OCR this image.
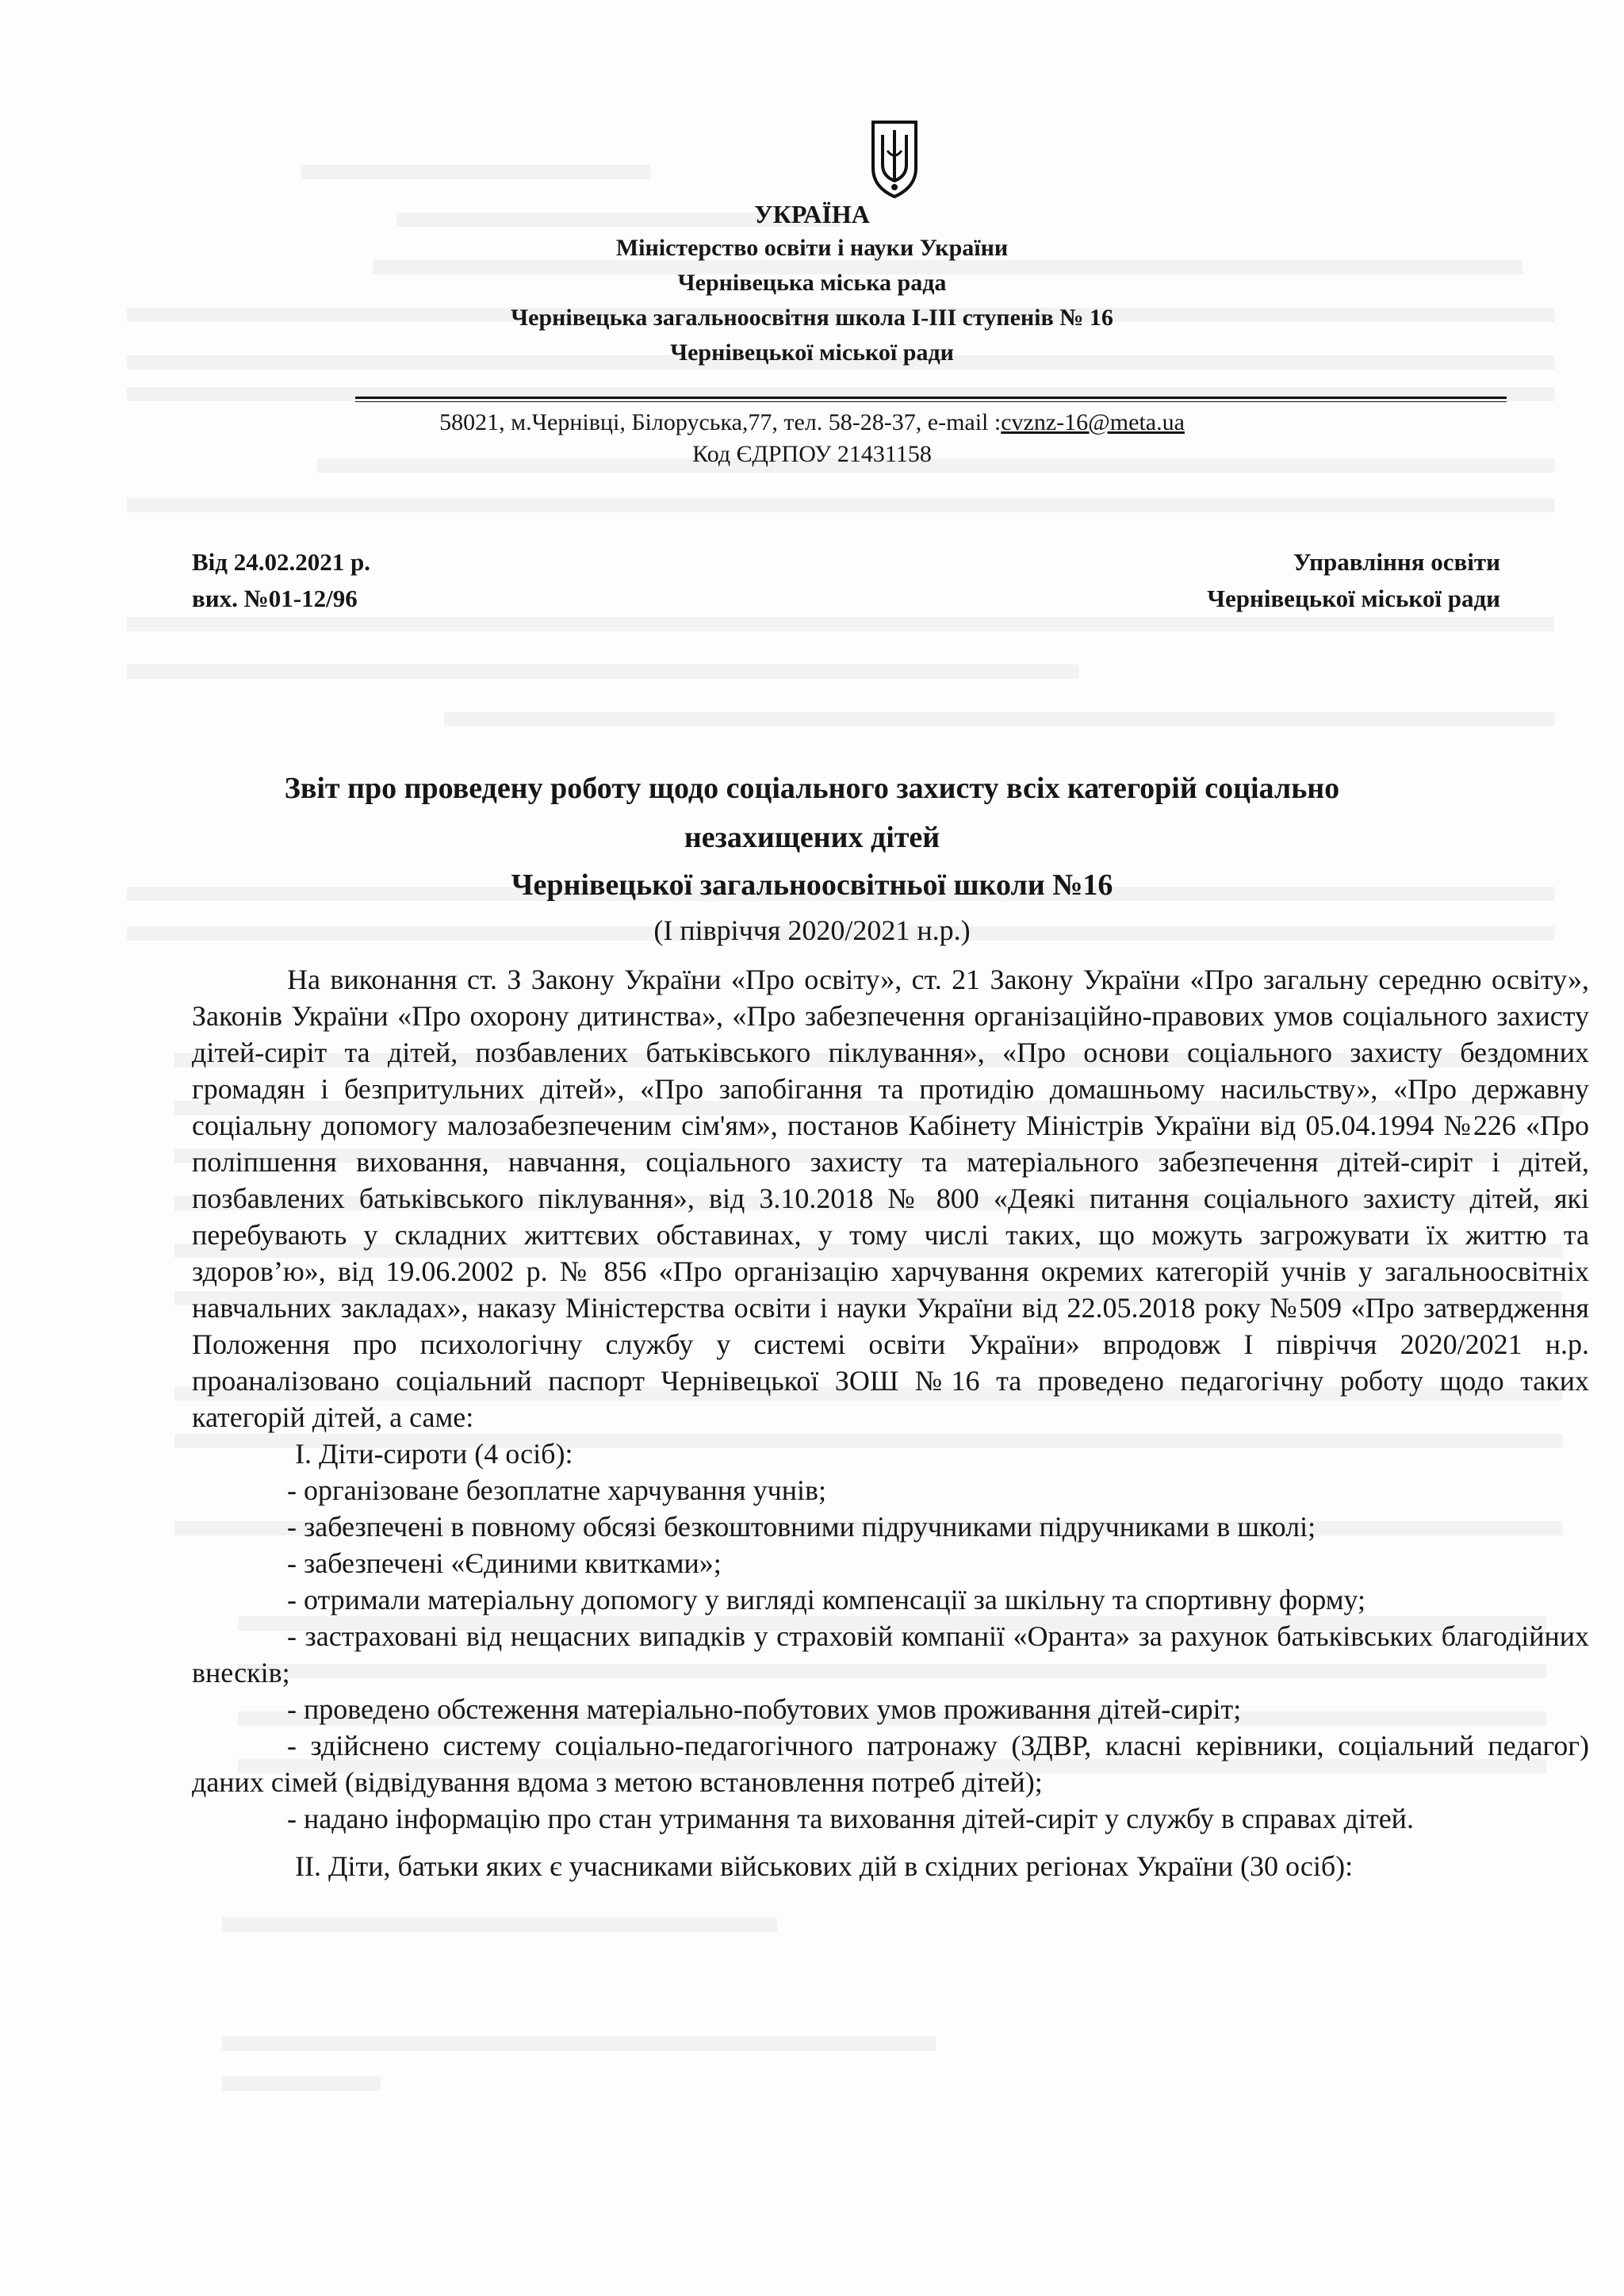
УКРАЇНА
Міністерство освіти і науки України
Чернівецька міська рада
Чернівецька загальноосвітня школа І-ІІІ ступенів № 16
Чернівецької міської ради
58021, м.Чернівці, Білоруська,77, тел. 58-28-37, e-mail :cvznz-16@meta.ua
Код ЄДРПОУ 21431158
Від 24.02.2021 р.
вих. №01-12/96
Управління освіти
Чернівецької міської ради
Звіт про проведену роботу щодо соціального захисту всіх категорій соціально
незахищених дітей
Чернівецької загальноосвітньої школи №16
(І півріччя 2020/2021 н.р.)

На виконання ст. З Закону України «Про освіту», ст. 21 Закону України «Про загальну середню освіту», Законів України «Про охорону дитинства», «Про забезпечення організаційно-правових умов соціального захисту дітей-сиріт та дітей, позбавлених батьківського піклування», «Про основи соціального захисту бездомних громадян і безпритульних дітей», «Про запобігання та протидію домашньому насильству», «Про державну соціальну допомогу малозабезпеченим сім'ям», постанов Кабінету Міністрів України від 05.04.1994 №226 «Про поліпшення виховання, навчання, соціального захисту та матеріального забезпечення дітей-сиріт і дітей, позбавлених батьківського піклування», від 3.10.2018 № 800 «Деякі питання соціального захисту дітей, які перебувають у складних життєвих обставинах, у тому числі таких, що можуть загрожувати їх життю та здоров’ю», від 19.06.2002 р. № 856 «Про організацію харчування окремих категорій учнів у загальноосвітніх навчальних закладах», наказу Міністерства освіти і науки України від 22.05.2018 року №509 «Про затвердження Положення про психологічну службу у системі освіти України» впродовж І півріччя 2020/2021 н.р. проаналізовано соціальний паспорт Чернівецької ЗОШ №16 та проведено педагогічну роботу щодо таких категорій дітей, а саме:

І. Діти-сироти (4 осіб):

- організоване безоплатне харчування учнів;

- забезпечені в повному обсязі безкоштовними підручниками підручниками в школі;

- забезпечені «Єдиними квитками»;

- отримали матеріальну допомогу у вигляді компенсації за шкільну та спортивну форму;

- застраховані від нещасних випадків у страховій компанії «Оранта» за рахунок батьківських благодійних внесків;

- проведено обстеження матеріально-побутових умов проживання дітей-сиріт;

- здійснено систему соціально-педагогічного патронажу (ЗДВР, класні керівники, соціальний педагог) даних сімей (відвідування вдома з метою встановлення потреб дітей);

- надано інформацію про стан утримання та виховання дітей-сиріт у службу в справах дітей.

ІІ. Діти, батьки яких є учасниками військових дій в східних регіонах України (30 осіб):
